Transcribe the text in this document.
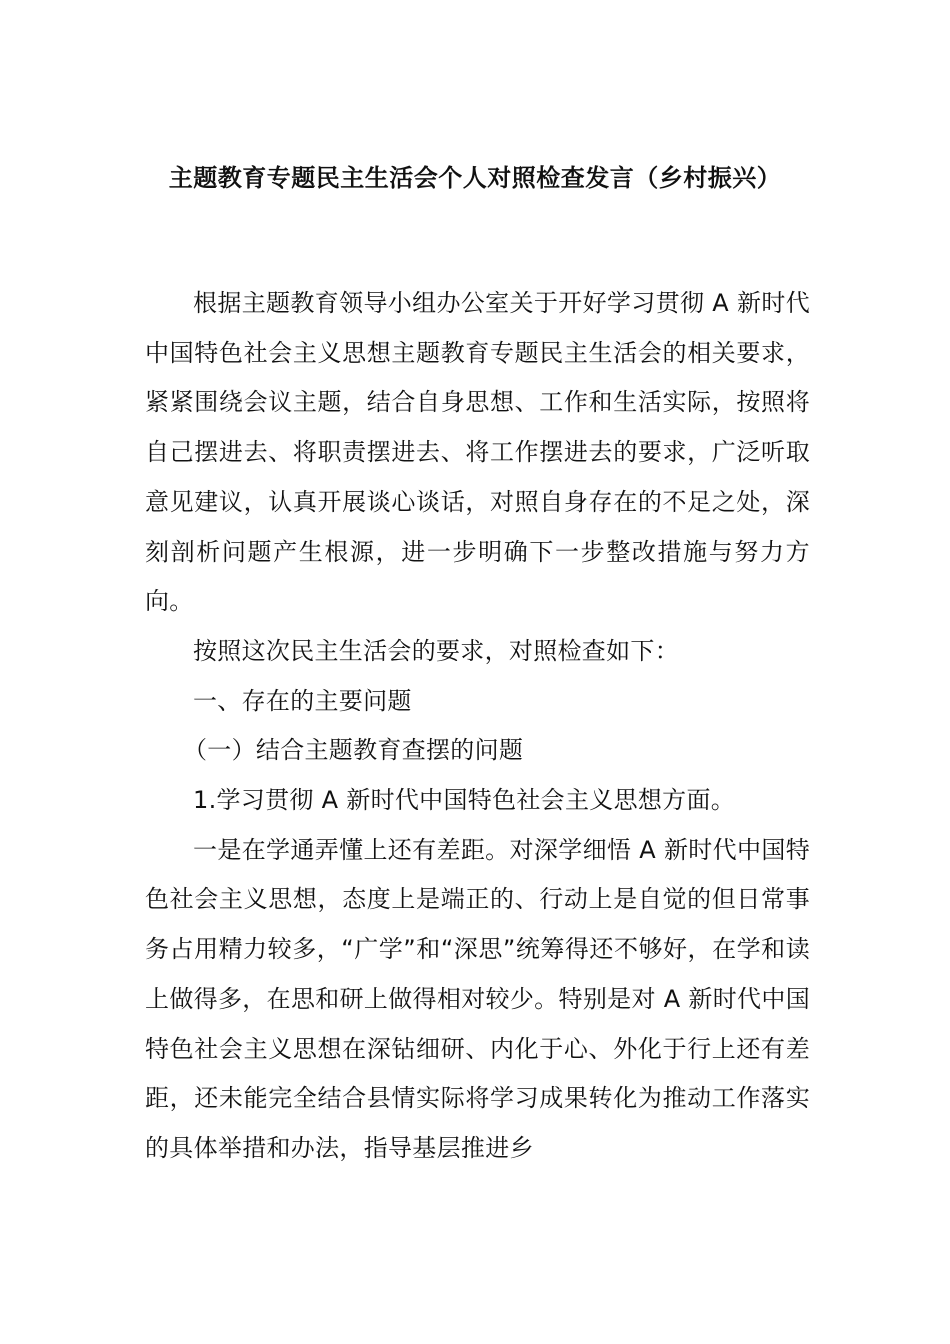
主题教育专题民主生活会个人对照检查发言（乡村振兴）

根据主题教育领导小组办公室关于开好学习贯彻 A 新时代中国特色社会主义思想主题教育专题民主生活会的相关要求，紧紧围绕会议主题，结合自身思想、工作和生活实际，按照将自己摆进去、将职责摆进去、将工作摆进去的要求，广泛听取意见建议，认真开展谈心谈话，对照自身存在的不足之处，深刻剖析问题产生根源，进一步明确下一步整改措施与努力方向。

按照这次民主生活会的要求，对照检查如下：

一、存在的主要问题

（一）结合主题教育查摆的问题

1.学习贯彻 A 新时代中国特色社会主义思想方面。

一是在学通弄懂上还有差距。对深学细悟 A 新时代中国特色社会主义思想，态度上是端正的、行动上是自觉的但日常事务占用精力较多，“广学”和“深思”统筹得还不够好，在学和读上做得多，在思和研上做得相对较少。特别是对 A 新时代中国特色社会主义思想在深钻细研、内化于心、外化于行上还有差距，还未能完全结合县情实际将学习成果转化为推动工作落实的具体举措和办法，指导基层推进乡
